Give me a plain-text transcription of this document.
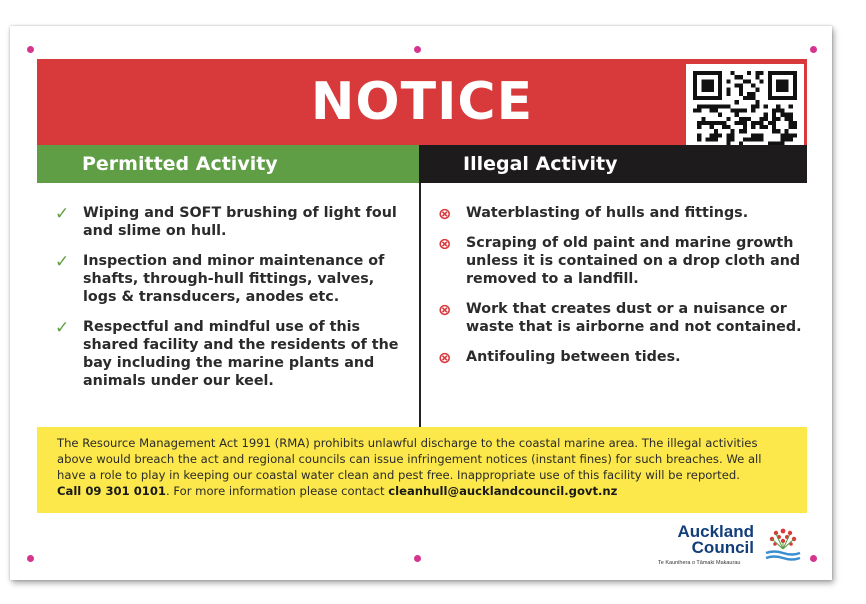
NOTICE
Permitted Activity	Illegal Activity
✓ Wiping and SOFT brushing of light foul and slime on hull.
✓ Inspection and minor maintenance of shafts, through-hull fittings, valves, logs & transducers, anodes etc.
✓ Respectful and mindful use of this shared facility and the residents of the bay including the marine plants and animals under our keel.
⊗ Waterblasting of hulls and fittings.
⊗ Scraping of old paint and marine growth unless it is contained on a drop cloth and removed to a landfill.
⊗ Work that creates dust or a nuisance or waste that is airborne and not contained.
⊗ Antifouling between tides.

The Resource Management Act 1991 (RMA) prohibits unlawful discharge to the coastal marine area. The illegal activities above would breach the act and regional councils can issue infringement notices (instant fines) for such breaches. We all have a role to play in keeping our coastal water clean and pest free. Inappropriate use of this facility will be reported.
Call 09 301 0101. For more information please contact cleanhull@aucklandcouncil.govt.nz

Auckland
Council
Te Kaunihera o Tāmaki Makaurau
